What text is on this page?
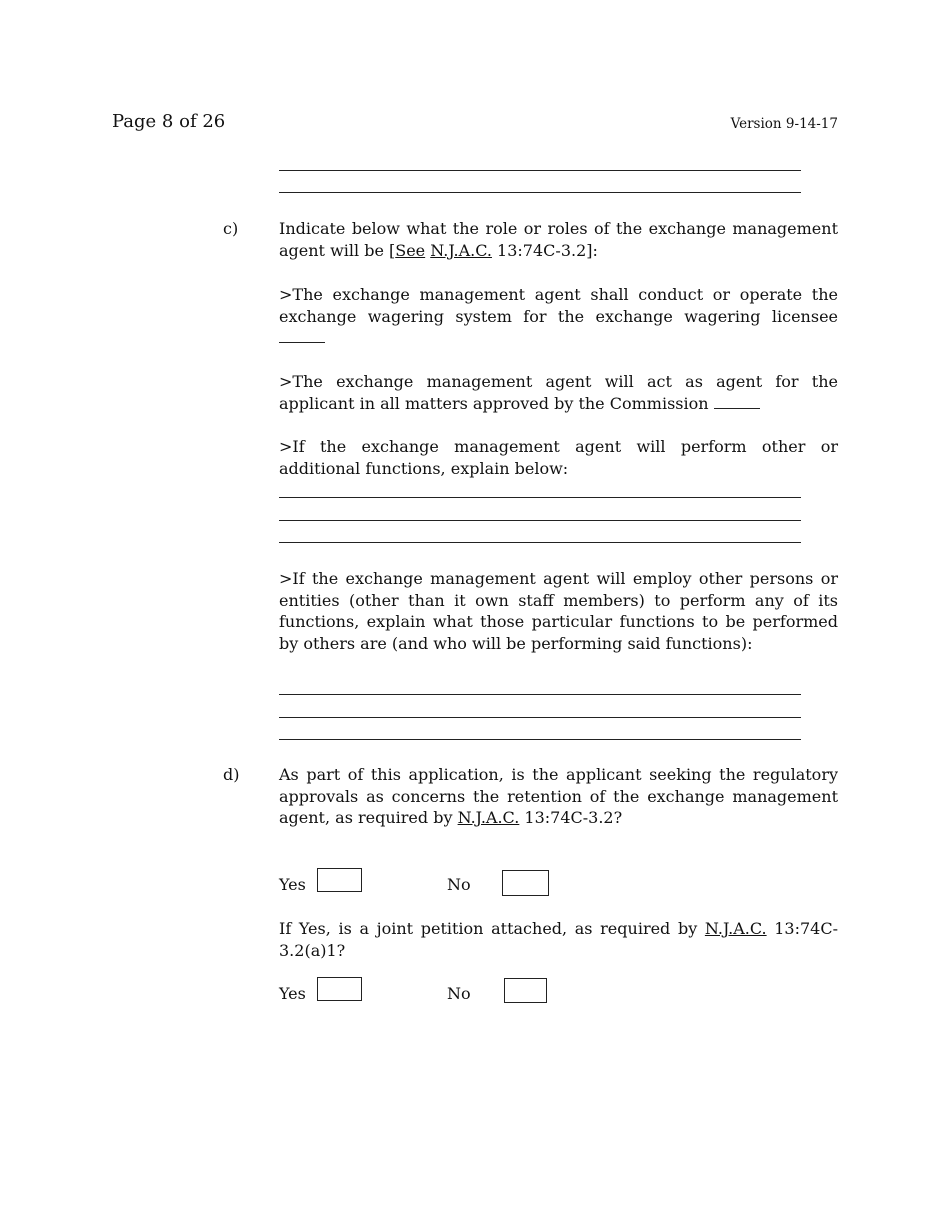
Page 8 of 26	Version 9-14-17
c)	Indicate below what the role or roles of the exchange management agent will be [See N.J.A.C. 13:74C-3.2]:
>The exchange management agent shall conduct or operate the exchange wagering system for the exchange wagering licensee
>The exchange management agent will act as agent for the applicant in all matters approved by the Commission
>If the exchange management agent will perform other or additional functions, explain below:
>If the exchange management agent will employ other persons or entities (other than it own staff members) to perform any of its functions, explain what those particular functions to be performed by others are (and who will be performing said functions):
d) As part of this application, is the applicant seeking the regulatory approvals as concerns the retention of the exchange management agent, as required by N.J.A.C. 13:74C-3.2?
Yes	No
If Yes, is a joint petition attached, as required by N.J.A.C. 13:74C-3.2(a)1?
Yes	No
